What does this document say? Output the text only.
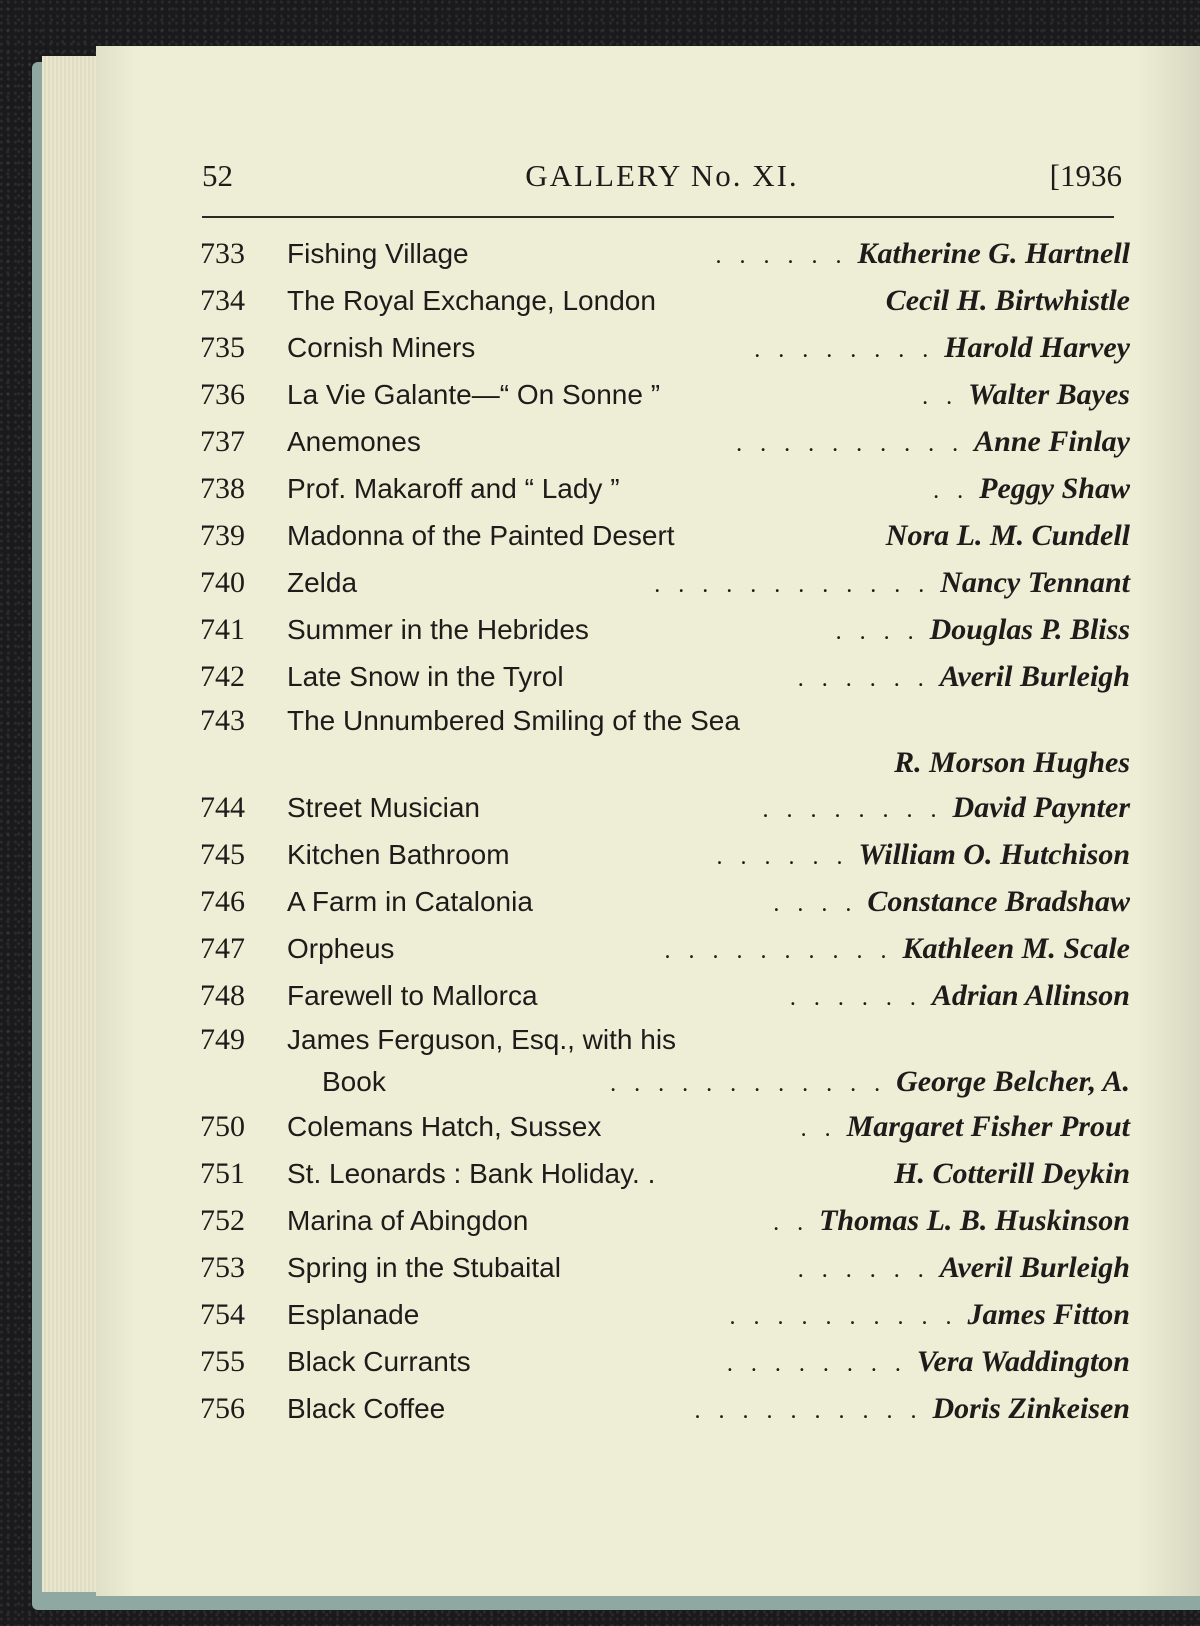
52	GALLERY No. XI.	[1936
733	Fishing Village	. . . . . . Katherine G. Hartnell
734	The Royal Exchange, London	Cecil H. Birtwhistle
735	Cornish Miners	. . . . . . . . Harold Harvey
736	La Vie Galante—“ On Sonne ”	. . Walter Bayes
737	Anemones	. . . . . . . . . . Anne Finlay
738	Prof. Makaroff and “ Lady ”	. . Peggy Shaw
739	Madonna of the Painted Desert	Nora L. M. Cundell
740	Zelda	. . . . . . . . . . . . Nancy Tennant
741	Summer in the Hebrides	. . . . Douglas P. Bliss
742	Late Snow in the Tyrol	. . . . . . Averil Burleigh
743	The Unnumbered Smiling of the Sea
R. Morson Hughes
744	Street Musician	. . . . . . . . David Paynter
745	Kitchen Bathroom	. . . . . . William O. Hutchison
746	A Farm in Catalonia	. . . . Constance Bradshaw
747	Orpheus	. . . . . . . . . . Kathleen M. Scale
748	Farewell to Mallorca	. . . . . . Adrian Allinson
749	James Ferguson, Esq., with his
Book	. . . . . . . . . . . . George Belcher, A.
750	Colemans Hatch, Sussex	. . Margaret Fisher Prout
751	St. Leonards : Bank Holiday. .	H. Cotterill Deykin
752	Marina of Abingdon	. . Thomas L. B. Huskinson
753	Spring in the Stubaital	. . . . . . Averil Burleigh
754	Esplanade	. . . . . . . . . . James Fitton
755	Black Currants	. . . . . . . . Vera Waddington
756	Black Coffee	. . . . . . . . . . Doris Zinkeisen
